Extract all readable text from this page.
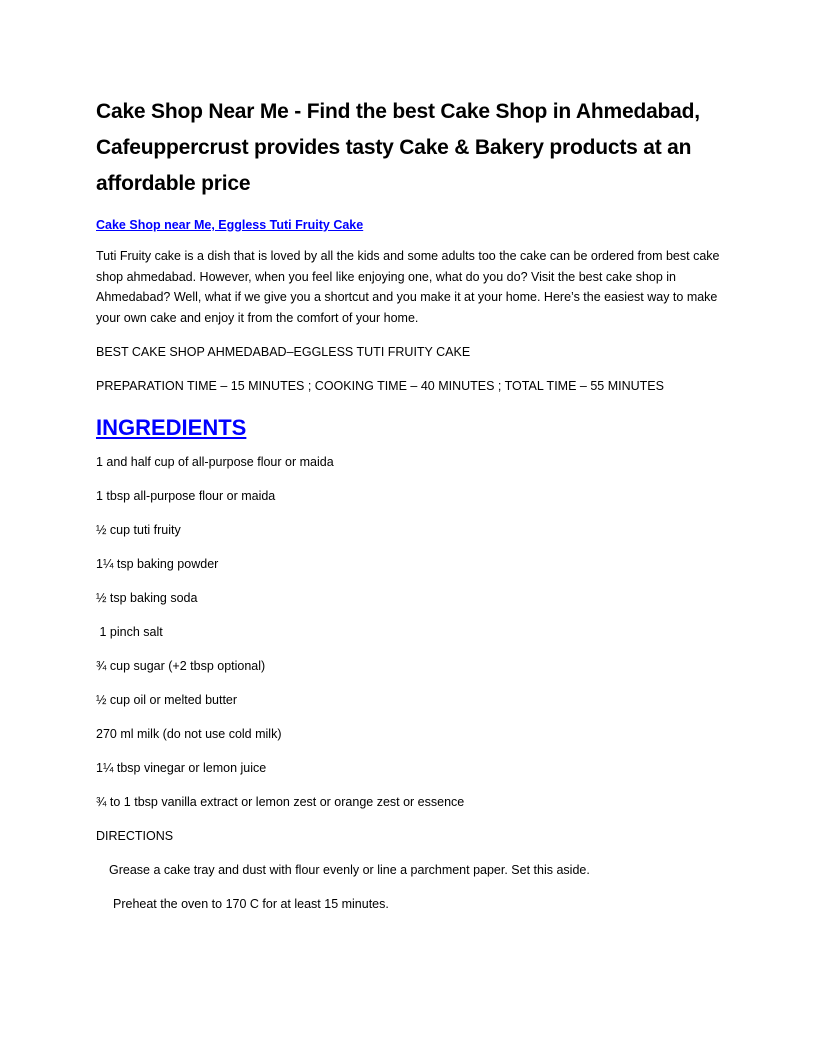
Cake Shop Near Me - Find the best Cake Shop in Ahmedabad, Cafeuppercrust provides tasty Cake & Bakery products at an affordable price
Cake Shop near Me, Eggless Tuti Fruity Cake

Tuti Fruity cake is a dish that is loved by all the kids and some adults too the cake can be ordered from best cake shop ahmedabad. However, when you feel like enjoying one, what do you do? Visit the best cake shop in Ahmedabad? Well, what if we give you a shortcut and you make it at your home. Here’s the easiest way to make your own cake and enjoy it from the comfort of your home.

BEST CAKE SHOP AHMEDABAD–EGGLESS TUTI FRUITY CAKE

PREPARATION TIME – 15 MINUTES ; COOKING TIME – 40 MINUTES ; TOTAL TIME – 55 MINUTES

INGREDIENTS

1 and half cup of all-purpose flour or maida

1 tbsp all-purpose flour or maida

½ cup tuti fruity

1¼ tsp baking powder

½ tsp baking soda

1 pinch salt

¾ cup sugar (+2 tbsp optional)

½ cup oil or melted butter

270 ml milk (do not use cold milk)

1¼ tbsp vinegar or lemon juice

¾ to 1 tbsp vanilla extract or lemon zest or orange zest or essence

DIRECTIONS

Grease a cake tray and dust with flour evenly or line a parchment paper. Set this aside.

Preheat the oven to 170 C for at least 15 minutes.
